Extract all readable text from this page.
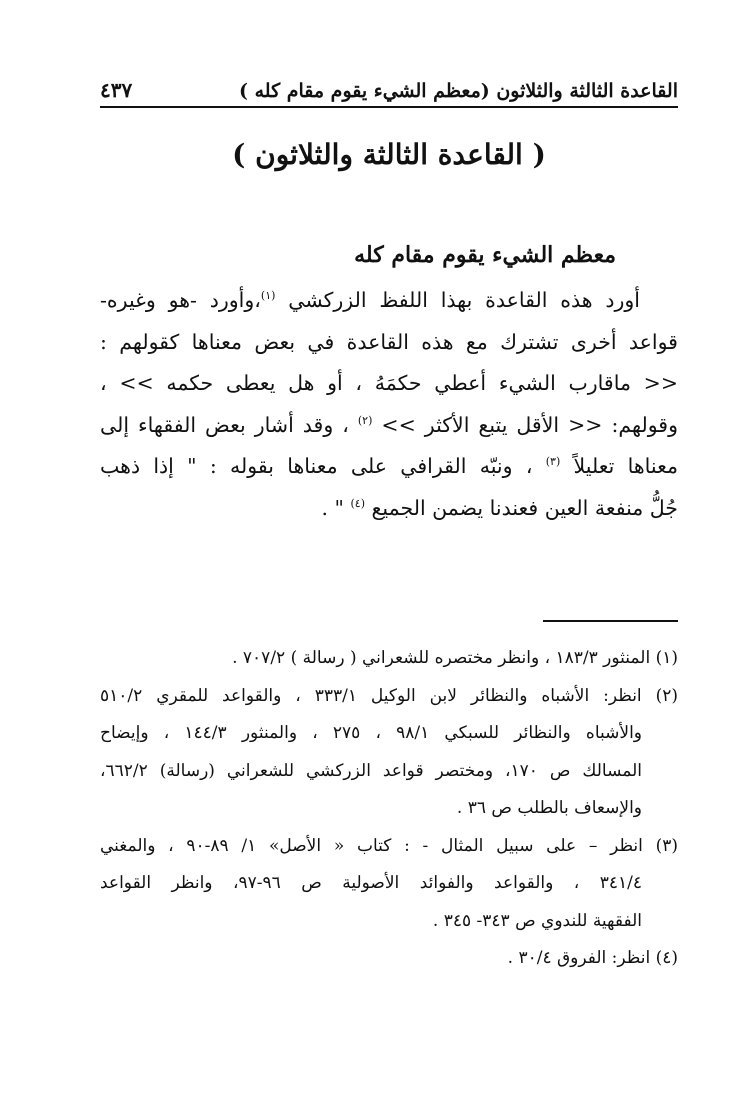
القاعدة الثالثة والثلاثون (معظم الشيء يقوم مقام كله )
٤٣٧
( القاعدة الثالثة والثلاثون )
معظم الشيء يقوم مقام كله
أورد هذه القاعدة بهذا اللفظ الزركشي $^{(١)}$،وأورد -هو وغيره-
قواعد أخرى تشترك مع هذه القاعدة في بعض معناها كقولهم :
<< ماقارب الشيء أعطي حكمَهُ ، أو هل يعطى حكمه >> ،
وقولهم: << الأقل يتبع الأكثر >> $^{(٢)}$ ، وقد أشار بعض الفقهاء إلى
معناها تعليلاً $^{(٣)}$ ، ونبّه القرافي على معناها بقوله : " إذا ذهب
جُلُّ منفعة العين فعندنا يضمن الجميع $^{(٤)}$ " .
(١) المنثور ١٨٣/٣ ، وانظر مختصره للشعراني ( رسالة ) ٧٠٧/٢ .
(٢) انظر: الأشباه والنظائر لابن الوكيل ٣٣٣/١ ، والقواعد للمقري ٥١٠/٢
والأشباه والنظائر للسبكي ٩٨/١ ، ٢٧٥ ، والمنثور ١٤٤/٣ ، وإيضاح
المسالك ص ١٧٠، ومختصر قواعد الزركشي للشعراني (رسالة) ٦٦٢/٢،
والإسعاف بالطلب ص ٣٦ .
(٣) انظر – على سبيل المثال - : كتاب « الأصل» ١/ ٨٩-٩٠ ، والمغني
٣٤١/٤ ، والقواعد والفوائد الأصولية ص ٩٦-٩٧، وانظر القواعد
الفقهية للندوي ص ٣٤٣- ٣٤٥ .
(٤) انظر: الفروق ٣٠/٤ .
